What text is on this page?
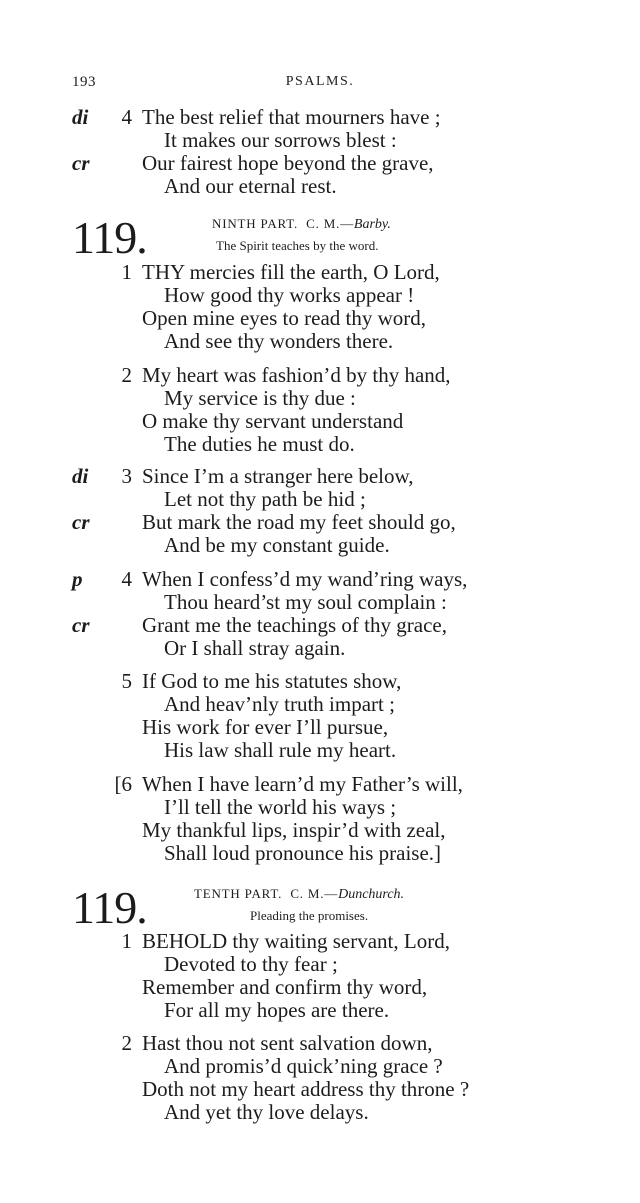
193	PSALMS.
di	4 The best relief that mourners have ;
It makes our sorrows blest :
cr	Our fairest hope beyond the grave,
And our eternal rest.
119.	NINTH PART. C. M.—Barby.
The Spirit teaches by the word.
1 THY mercies fill the earth, O Lord,
How good thy works appear !
Open mine eyes to read thy word,
And see thy wonders there.
2 My heart was fashion’d by thy hand,
My service is thy due :
O make thy servant understand
The duties he must do.
di	3 Since I’m a stranger here below,
Let not thy path be hid ;
cr	But mark the road my feet should go,
And be my constant guide.
p	4 When I confess’d my wand’ring ways,
Thou heard’st my soul complain :
cr	Grant me the teachings of thy grace,
Or I shall stray again.
5 If God to me his statutes show,
And heav’nly truth impart ;
His work for ever I’ll pursue,
His law shall rule my heart.
[6 When I have learn’d my Father’s will,
I’ll tell the world his ways ;
My thankful lips, inspir’d with zeal,
Shall loud pronounce his praise.]
119.	TENTH PART. C. M.—Dunchurch.
Pleading the promises.
1 BEHOLD thy waiting servant, Lord,
Devoted to thy fear ;
Remember and confirm thy word,
For all my hopes are there.
2 Hast thou not sent salvation down,
And promis’d quick’ning grace ?
Doth not my heart address thy throne ?
And yet thy love delays.
